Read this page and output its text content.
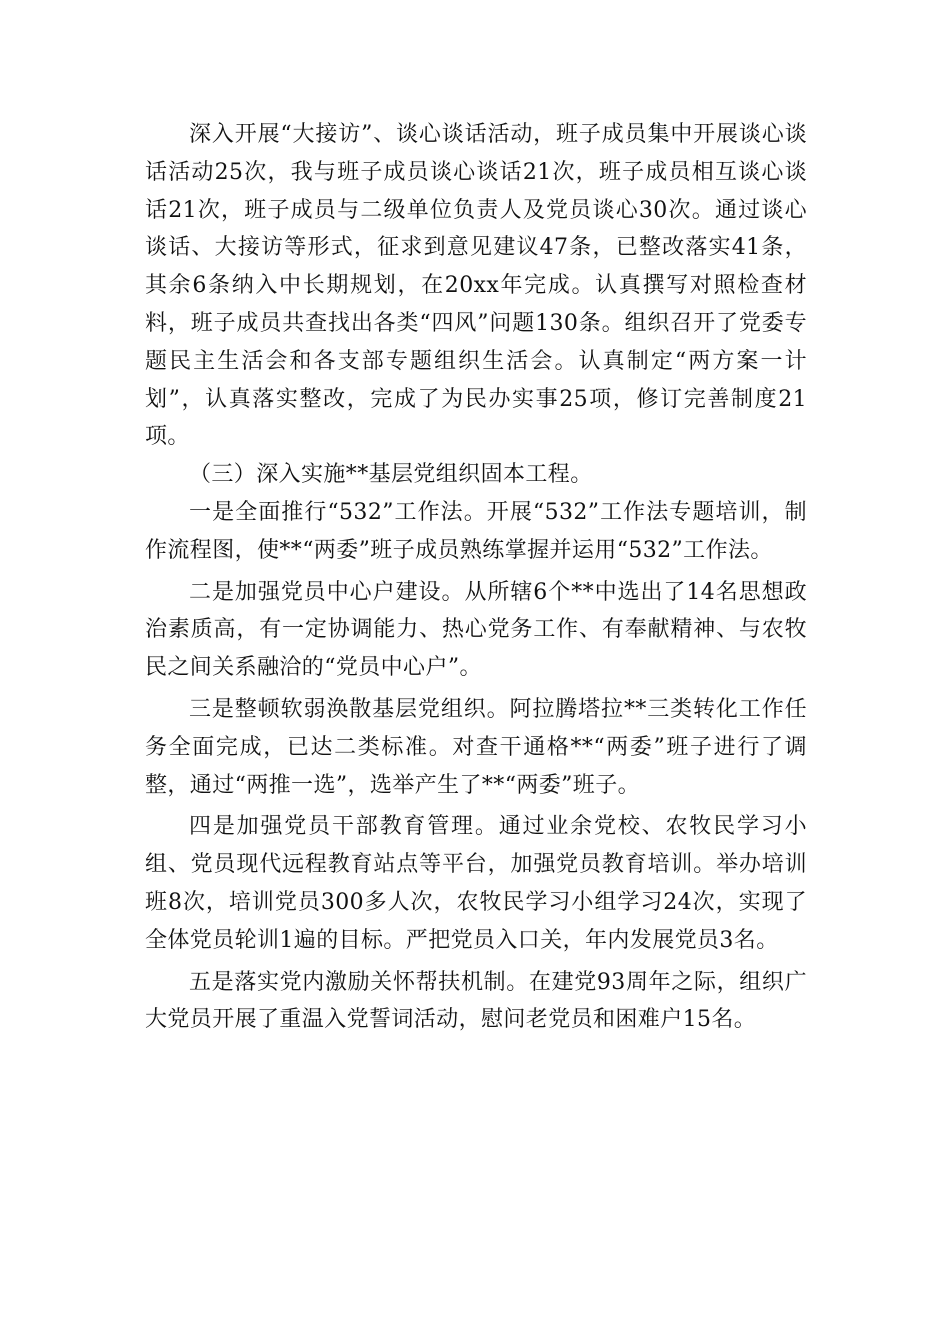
深入开展“大接访”、谈心谈话活动，班子成员集中开展谈心谈话活动25次，我与班子成员谈心谈话21次，班子成员相互谈心谈话21次，班子成员与二级单位负责人及党员谈心30次。通过谈心谈话、大接访等形式，征求到意见建议47条，已整改落实41条，其余6条纳入中长期规划，在20xx年完成。认真撰写对照检查材料，班子成员共查找出各类“四风”问题130条。组织召开了党委专题民主生活会和各支部专题组织生活会。认真制定“两方案一计划”，认真落实整改，完成了为民办实事25项，修订完善制度21项。

（三）深入实施**基层党组织固本工程。

一是全面推行“532”工作法。开展“532”工作法专题培训，制作流程图，使**“两委”班子成员熟练掌握并运用“532”工作法。

二是加强党员中心户建设。从所辖6个**中选出了14名思想政治素质高，有一定协调能力、热心党务工作、有奉献精神、与农牧民之间关系融洽的“党员中心户”。

三是整顿软弱涣散基层党组织。阿拉腾塔拉**三类转化工作任务全面完成，已达二类标准。对查干通格**“两委”班子进行了调整，通过“两推一选”，选举产生了**“两委”班子。

四是加强党员干部教育管理。通过业余党校、农牧民学习小组、党员现代远程教育站点等平台，加强党员教育培训。举办培训班8次，培训党员300多人次，农牧民学习小组学习24次，实现了全体党员轮训1遍的目标。严把党员入口关，年内发展党员3名。

五是落实党内激励关怀帮扶机制。在建党93周年之际，组织广大党员开展了重温入党誓词活动，慰问老党员和困难户15名。
